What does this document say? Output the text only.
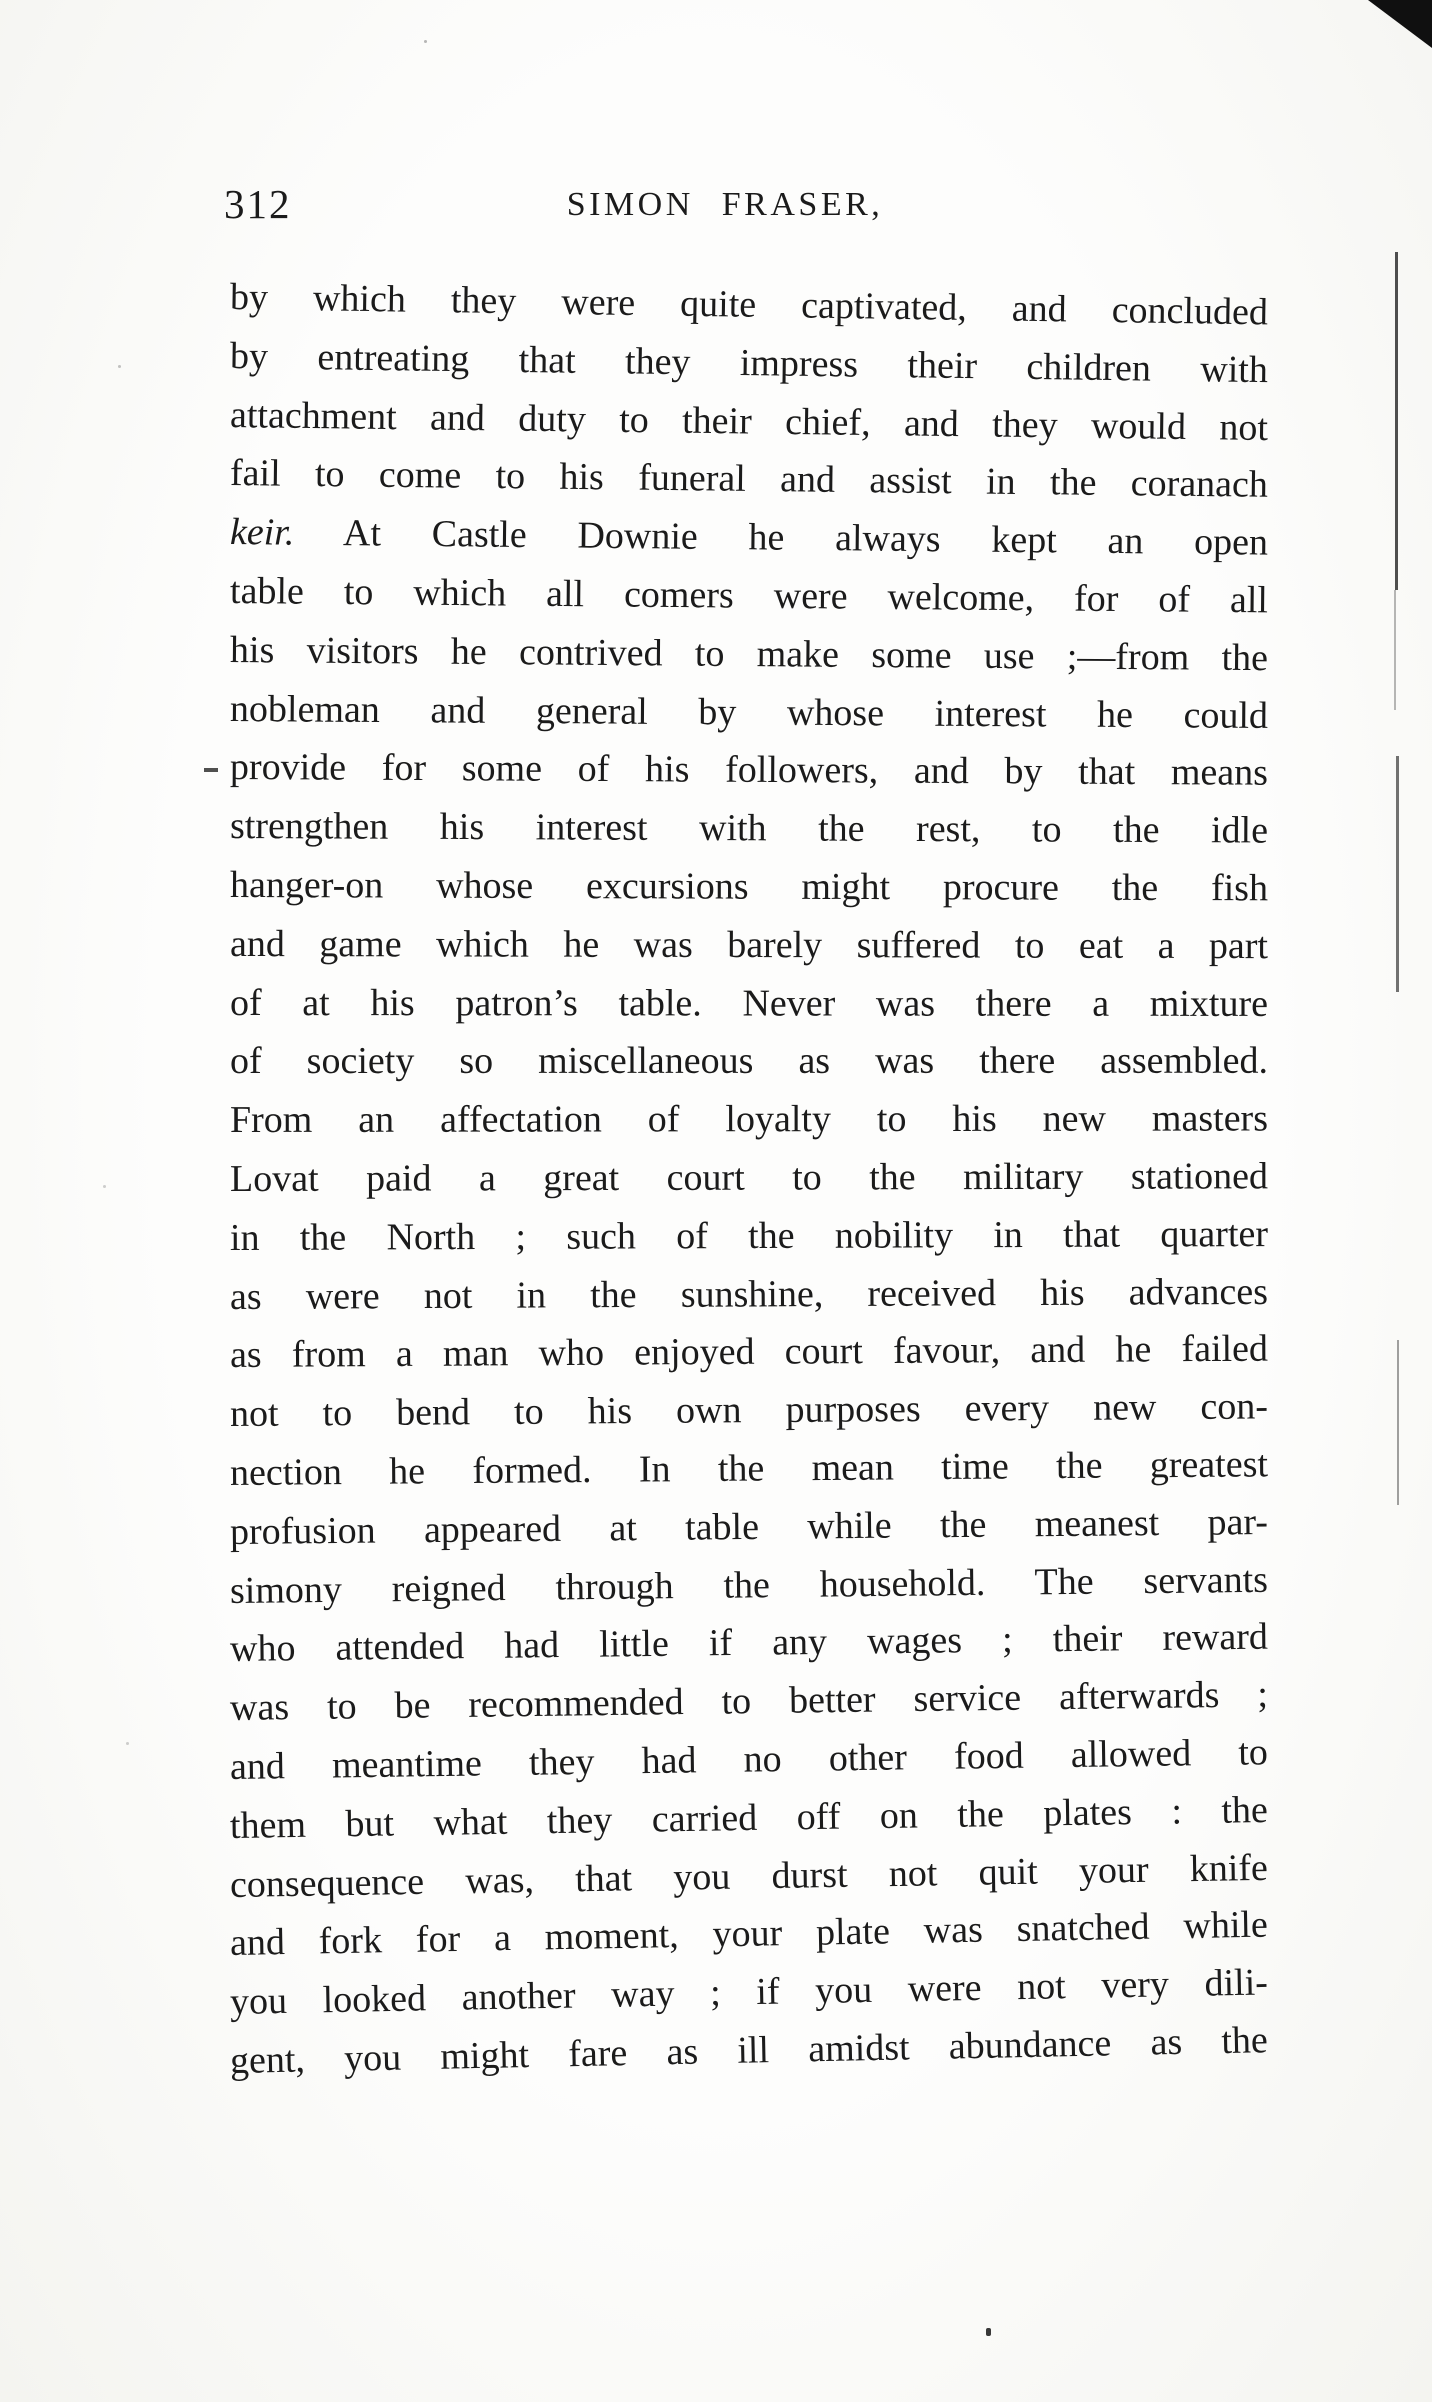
312	SIMON FRASER,
by which they were quite captivated, and concluded
by entreating that they impress their children with
attachment and duty to their chief, and they would not
fail to come to his funeral and assist in the coranach
keir. At Castle Downie he always kept an open
table to which all comers were welcome, for of all
his visitors he contrived to make some use ;—from the
nobleman and general by whose interest he could
provide for some of his followers, and by that means
strengthen his interest with the rest, to the idle
hanger-on whose excursions might procure the fish
and game which he was barely suffered to eat a part
of at his patron’s table. Never was there a mixture
of society so miscellaneous as was there assembled.
From an affectation of loyalty to his new masters
Lovat paid a great court to the military stationed
in the North ; such of the nobility in that quarter
as were not in the sunshine, received his advances
as from a man who enjoyed court favour, and he failed
not to bend to his own purposes every new con-
nection he formed. In the mean time the greatest
profusion appeared at table while the meanest par-
simony reigned through the household. The servants
who attended had little if any wages ; their reward
was to be recommended to better service afterwards ;
and meantime they had no other food allowed to
them but what they carried off on the plates : the
consequence was, that you durst not quit your knife
and fork for a moment, your plate was snatched while
you looked another way ; if you were not very dili-
gent, you might fare as ill amidst abundance as the
